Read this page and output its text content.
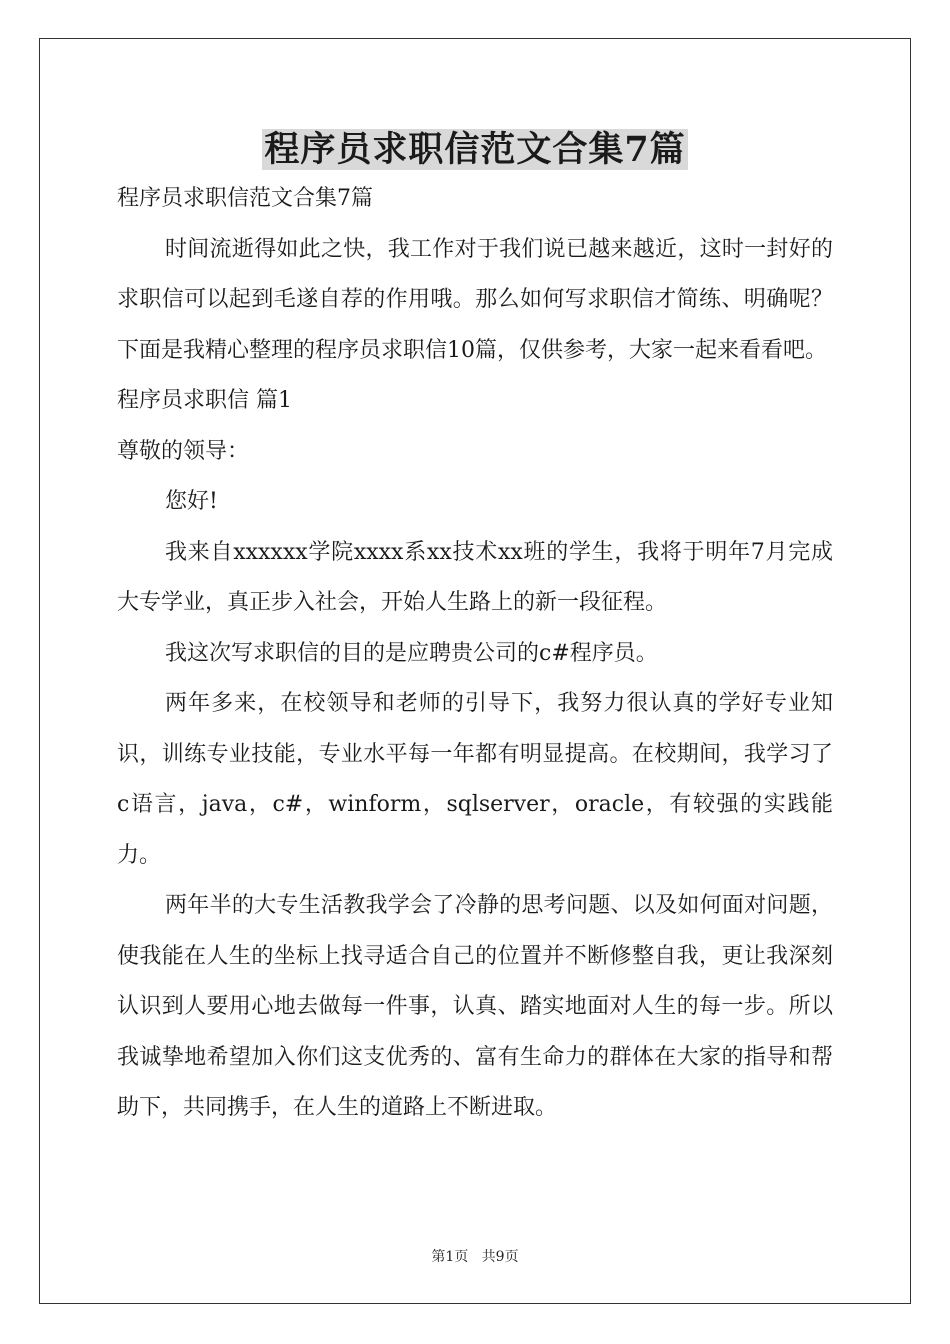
程序员求职信范文合集7篇

程序员求职信范文合集7篇

时间流逝得如此之快，我工作对于我们说已越来越近，这时一封好的求职信可以起到毛遂自荐的作用哦。那么如何写求职信才简练、明确呢？下面是我精心整理的程序员求职信10篇，仅供参考，大家一起来看看吧。

程序员求职信 篇1

尊敬的领导：

您好!

我来自xxxxxx学院xxxx系xx技术xx班的学生，我将于明年7月完成大专学业，真正步入社会，开始人生路上的新一段征程。

我这次写求职信的目的是应聘贵公司的c#程序员。

两年多来，在校领导和老师的引导下，我努力很认真的学好专业知识，训练专业技能，专业水平每一年都有明显提高。在校期间，我学习了c语言，java，c#，winform，sqlserver，oracle，有较强的实践能力。

两年半的大专生活教我学会了冷静的思考问题、以及如何面对问题，使我能在人生的坐标上找寻适合自己的位置并不断修整自我，更让我深刻认识到人要用心地去做每一件事，认真、踏实地面对人生的每一步。所以我诚挚地希望加入你们这支优秀的、富有生命力的群体在大家的指导和帮助下，共同携手，在人生的道路上不断进取。

第1页   共9页
